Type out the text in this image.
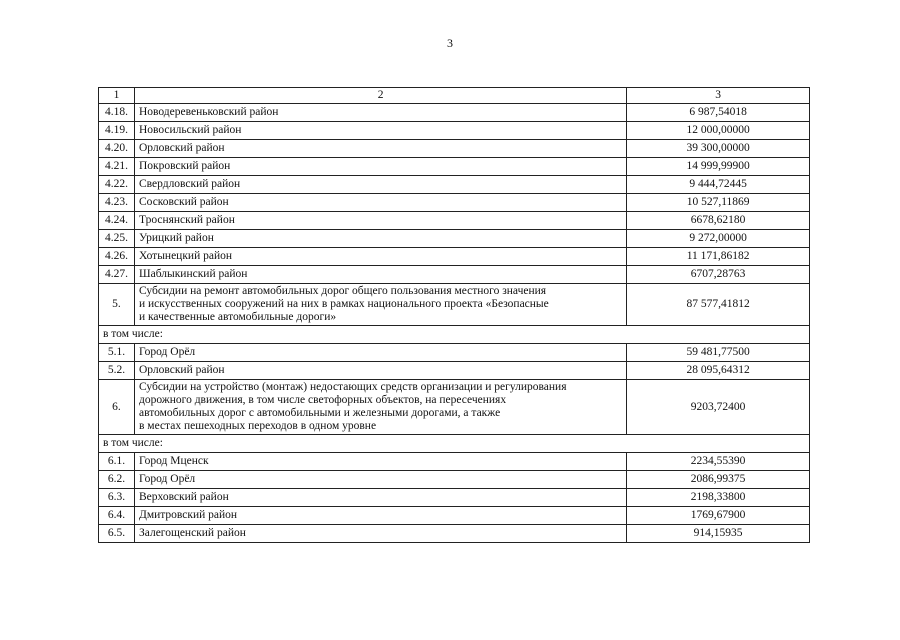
3
1	2	3
4.18.	Новодеревеньковский район	6 987,54018
4.19.	Новосильский район	12 000,00000
4.20.	Орловский район	39 300,00000
4.21.	Покровский район	14 999,99900
4.22.	Свердловский район	9 444,72445
4.23.	Сосковский район	10 527,11869
4.24.	Троснянский район	6678,62180
4.25.	Урицкий район	9 272,00000
4.26.	Хотынецкий район	11 171,86182
4.27.	Шаблыкинский район	6707,28763
5.	Субсидии на ремонт автомобильных дорог общего пользования местного значения
и искусственных сооружений на них в рамках национального проекта «Безопасные
и качественные автомобильные дороги»	87 577,41812
в том числе:		
5.1.	Город Орёл	59 481,77500
5.2.	Орловский район	28 095,64312
6.	Субсидии на устройство (монтаж) недостающих средств организации и регулирования
дорожного движения, в том числе светофорных объектов, на пересечениях
автомобильных дорог с автомобильными и железными дорогами, а также
в местах пешеходных переходов в одном уровне	9203,72400
в том числе:		
6.1.	Город Мценск	2234,55390
6.2.	Город Орёл	2086,99375
6.3.	Верховский район	2198,33800
6.4.	Дмитровский район	1769,67900
6.5.	Залегощенский район	914,15935
